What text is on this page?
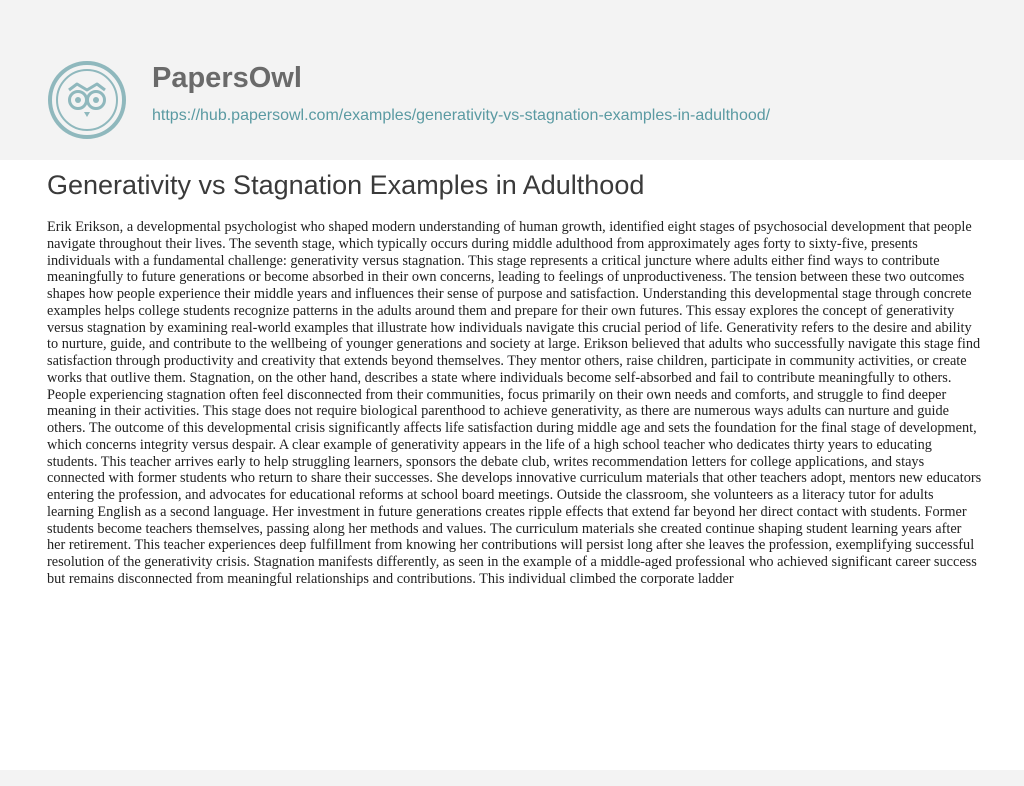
PapersOwl
https://hub.papersowl.com/examples/generativity-vs-stagnation-examples-in-adulthood/
Generativity vs Stagnation Examples in Adulthood

Erik Erikson, a developmental psychologist who shaped modern understanding of human growth, identified eight stages of psychosocial development that people navigate throughout their lives. The seventh stage, which typically occurs during middle adulthood from approximately ages forty to sixty-five, presents individuals with a fundamental challenge: generativity versus stagnation. This stage represents a critical juncture where adults either find ways to contribute meaningfully to future generations or become absorbed in their own concerns, leading to feelings of unproductiveness. The tension between these two outcomes shapes how people experience their middle years and influences their sense of purpose and satisfaction. Understanding this developmental stage through concrete examples helps college students recognize patterns in the adults around them and prepare for their own futures. This essay explores the concept of generativity versus stagnation by examining real-world examples that illustrate how individuals navigate this crucial period of life. Generativity refers to the desire and ability to nurture, guide, and contribute to the wellbeing of younger generations and society at large. Erikson believed that adults who successfully navigate this stage find satisfaction through productivity and creativity that extends beyond themselves. They mentor others, raise children, participate in community activities, or create works that outlive them. Stagnation, on the other hand, describes a state where individuals become self-absorbed and fail to contribute meaningfully to others. People experiencing stagnation often feel disconnected from their communities, focus primarily on their own needs and comforts, and struggle to find deeper meaning in their activities. This stage does not require biological parenthood to achieve generativity, as there are numerous ways adults can nurture and guide others. The outcome of this developmental crisis significantly affects life satisfaction during middle age and sets the foundation for the final stage of development, which concerns integrity versus despair. A clear example of generativity appears in the life of a high school teacher who dedicates thirty years to educating students. This teacher arrives early to help struggling learners, sponsors the debate club, writes recommendation letters for college applications, and stays connected with former students who return to share their successes. She develops innovative curriculum materials that other teachers adopt, mentors new educators entering the profession, and advocates for educational reforms at school board meetings. Outside the classroom, she volunteers as a literacy tutor for adults learning English as a second language. Her investment in future generations creates ripple effects that extend far beyond her direct contact with students. Former students become teachers themselves, passing along her methods and values. The curriculum materials she created continue shaping student learning years after her retirement. This teacher experiences deep fulfillment from knowing her contributions will persist long after she leaves the profession, exemplifying successful resolution of the generativity crisis. Stagnation manifests differently, as seen in the example of a middle-aged professional who achieved significant career success but remains disconnected from meaningful relationships and contributions. This individual climbed the corporate ladder
